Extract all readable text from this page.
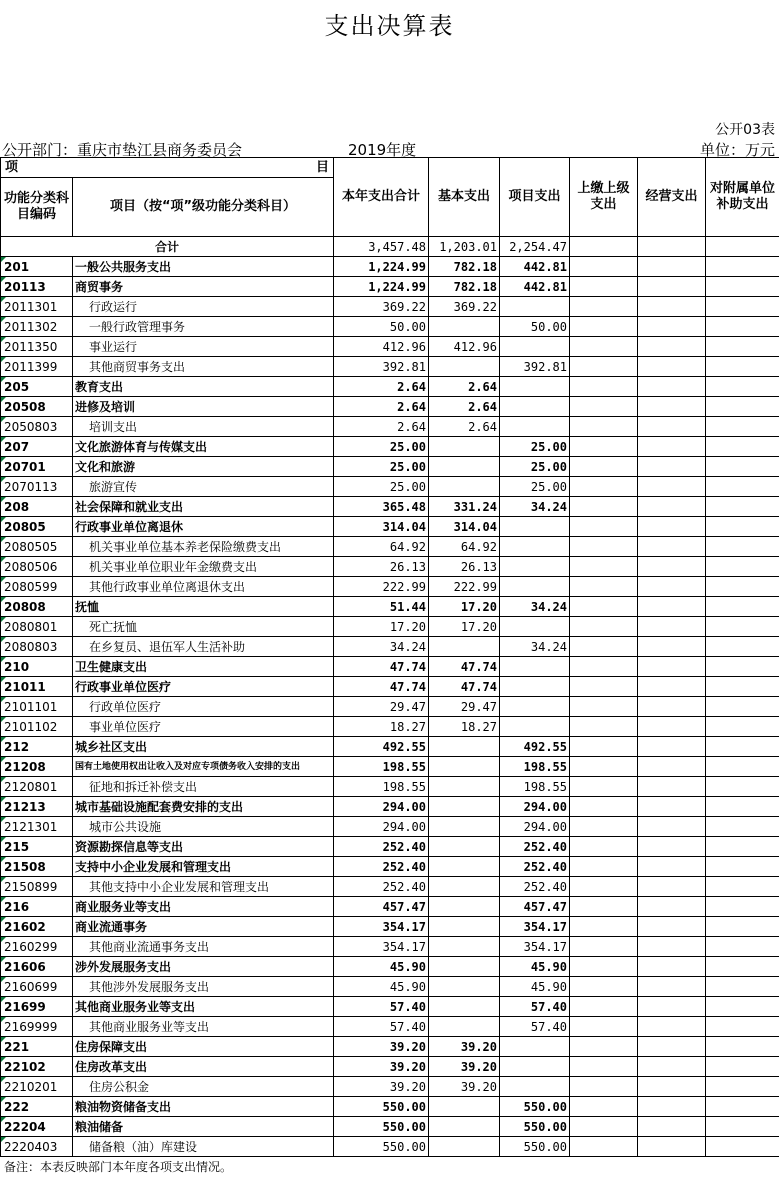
支出决算表
公开03表
公开部门：重庆市垫江县商务委员会	2019年度	单位：万元
项 目		本年支出合计	基本支出	项目支出	上缴上级支出	经营支出	对附属单位补助支出
功能分类科目编码	项目（按“项”级功能分类科目）						
合计		3,457.48	1,203.01	2,254.47			
201	一般公共服务支出	1,224.99	782.18	442.81			
20113	商贸事务	1,224.99	782.18	442.81			
2011301	行政运行	369.22	369.22				
2011302	一般行政管理事务	50.00		50.00			
2011350	事业运行	412.96	412.96				
2011399	其他商贸事务支出	392.81		392.81			
205	教育支出	2.64	2.64				
20508	进修及培训	2.64	2.64				
2050803	培训支出	2.64	2.64				
207	文化旅游体育与传媒支出	25.00		25.00			
20701	文化和旅游	25.00		25.00			
2070113	旅游宣传	25.00		25.00			
208	社会保障和就业支出	365.48	331.24	34.24			
20805	行政事业单位离退休	314.04	314.04				
2080505	机关事业单位基本养老保险缴费支出	64.92	64.92				
2080506	机关事业单位职业年金缴费支出	26.13	26.13				
2080599	其他行政事业单位离退休支出	222.99	222.99				
20808	抚恤	51.44	17.20	34.24			
2080801	死亡抚恤	17.20	17.20				
2080803	在乡复员、退伍军人生活补助	34.24		34.24			
210	卫生健康支出	47.74	47.74				
21011	行政事业单位医疗	47.74	47.74				
2101101	行政单位医疗	29.47	29.47				
2101102	事业单位医疗	18.27	18.27				
212	城乡社区支出	492.55		492.55			
21208	国有土地使用权出让收入及对应专项债务收入安排的支出	198.55		198.55			
2120801	征地和拆迁补偿支出	198.55		198.55			
21213	城市基础设施配套费安排的支出	294.00		294.00			
2121301	城市公共设施	294.00		294.00			
215	资源勘探信息等支出	252.40		252.40			
21508	支持中小企业发展和管理支出	252.40		252.40			
2150899	其他支持中小企业发展和管理支出	252.40		252.40			
216	商业服务业等支出	457.47		457.47			
21602	商业流通事务	354.17		354.17			
2160299	其他商业流通事务支出	354.17		354.17			
21606	涉外发展服务支出	45.90		45.90			
2160699	其他涉外发展服务支出	45.90		45.90			
21699	其他商业服务业等支出	57.40		57.40			
2169999	其他商业服务业等支出	57.40		57.40			
221	住房保障支出	39.20	39.20				
22102	住房改革支出	39.20	39.20				
2210201	住房公积金	39.20	39.20				
222	粮油物资储备支出	550.00		550.00			
22204	粮油储备	550.00		550.00			
2220403	储备粮（油）库建设	550.00		550.00			
备注：本表反映部门本年度各项支出情况。
